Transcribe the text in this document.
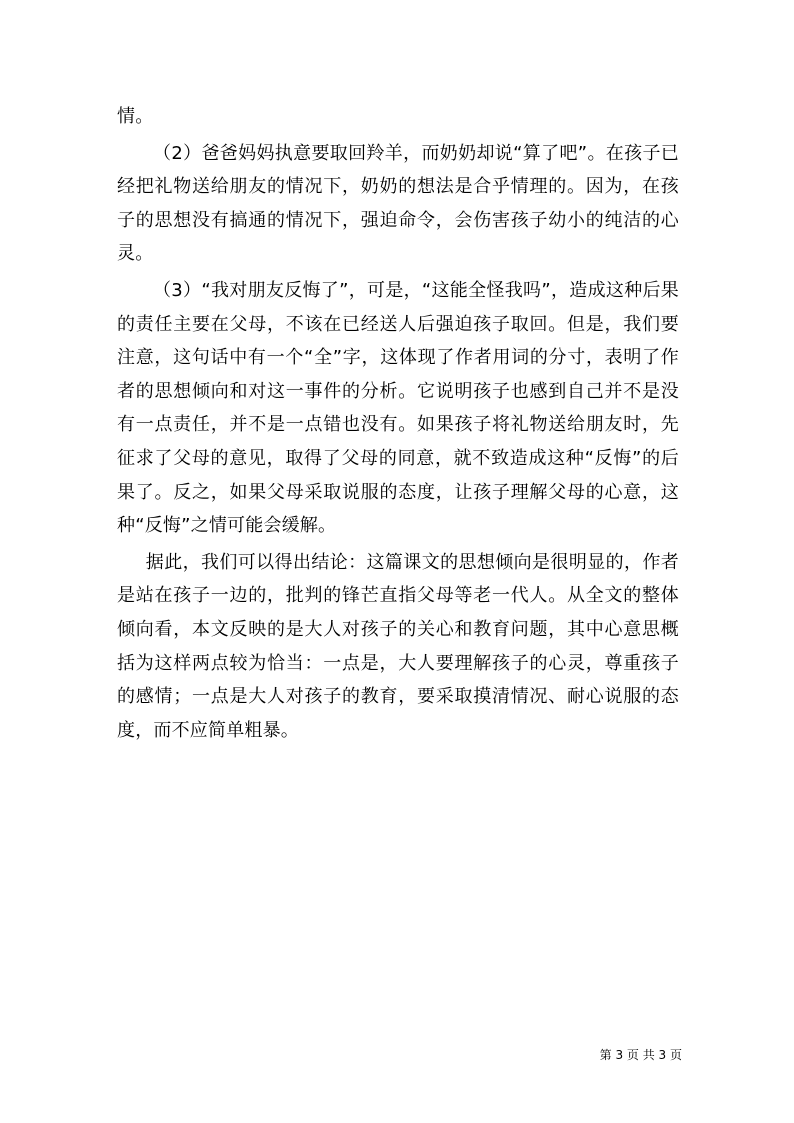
情。

（2）爸爸妈妈执意要取回羚羊，而奶奶却说“算了吧”。在孩子已经把礼物送给朋友的情况下，奶奶的想法是合乎情理的。因为，在孩子的思想没有搞通的情况下，强迫命令，会伤害孩子幼小的纯洁的心灵。

（3）“我对朋友反悔了”，可是，“这能全怪我吗”，造成这种后果的责任主要在父母，不该在已经送人后强迫孩子取回。但是，我们要注意，这句话中有一个“全”字，这体现了作者用词的分寸，表明了作者的思想倾向和对这一事件的分析。它说明孩子也感到自己并不是没有一点责任，并不是一点错也没有。如果孩子将礼物送给朋友时，先征求了父母的意见，取得了父母的同意，就不致造成这种“反悔”的后果了。反之，如果父母采取说服的态度，让孩子理解父母的心意，这种“反悔”之情可能会缓解。

据此，我们可以得出结论：这篇课文的思想倾向是很明显的，作者是站在孩子一边的，批判的锋芒直指父母等老一代人。从全文的整体倾向看，本文反映的是大人对孩子的关心和教育问题，其中心意思概括为这样两点较为恰当：一点是，大人要理解孩子的心灵，尊重孩子的感情；一点是大人对孩子的教育，要采取摸清情况、耐心说服的态度，而不应简单粗暴。

第 3 页 共 3 页
